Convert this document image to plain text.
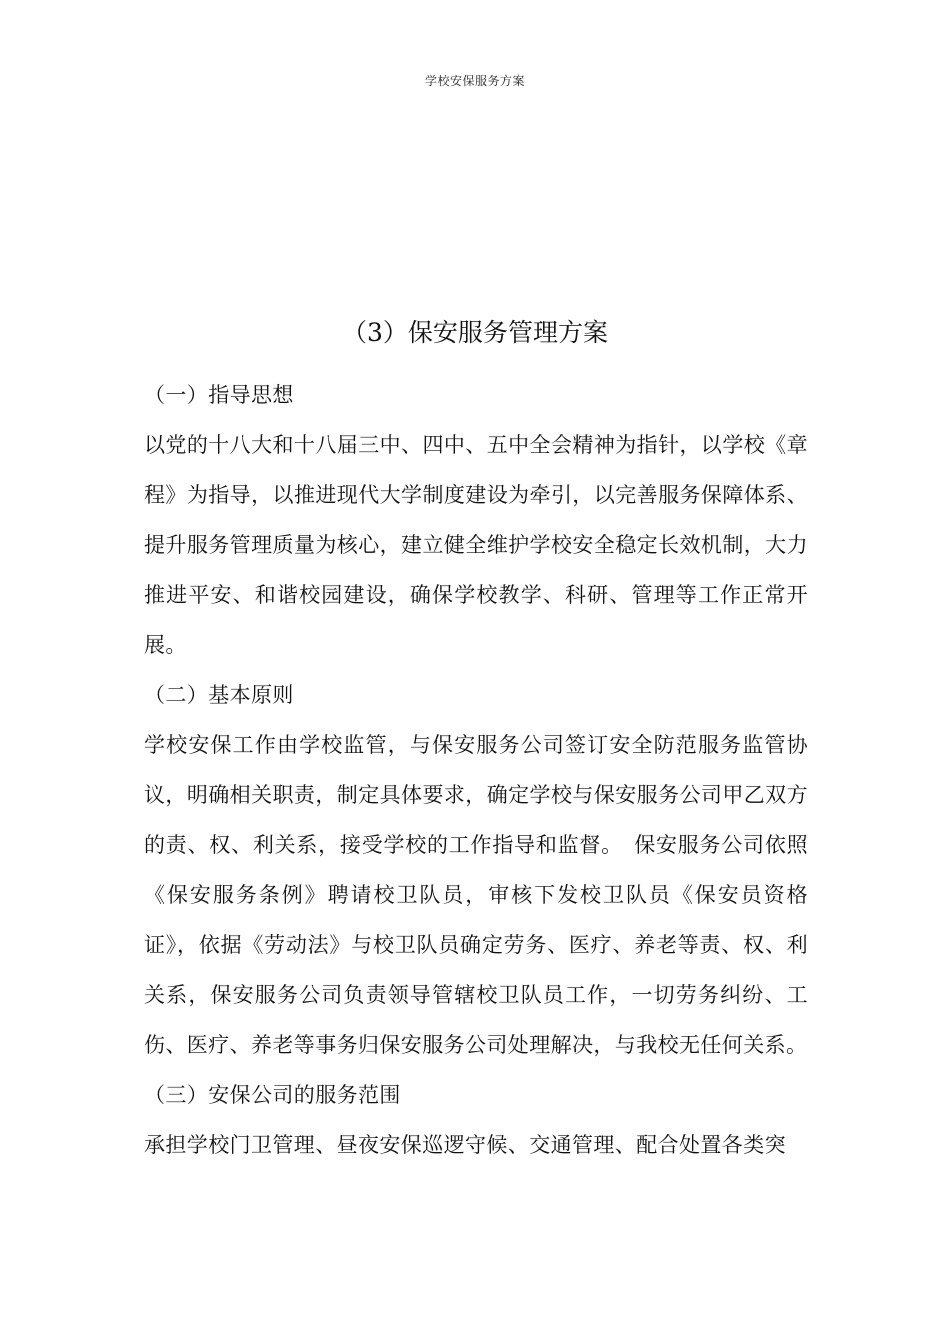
学校安保服务方案
（3）保安服务管理方案
（一）指导思想

以党的十八大和十八届三中、四中、五中全会精神为指针，以学校《章程》为指导，以推进现代大学制度建设为牵引，以完善服务保障体系、提升服务管理质量为核心，建立健全维护学校安全稳定长效机制，大力推进平安、和谐校园建设，确保学校教学、科研、管理等工作正常开展。

（二）基本原则

学校安保工作由学校监管，与保安服务公司签订安全防范服务监管协议，明确相关职责，制定具体要求，确定学校与保安服务公司甲乙双方的责、权、利关系，接受学校的工作指导和监督。　保安服务公司依照《保安服务条例》聘请校卫队员，审核下发校卫队员《保安员资格证》，依据《劳动法》与校卫队员确定劳务、医疗、养老等责、权、利关系，保安服务公司负责领导管辖校卫队员工作，一切劳务纠纷、工伤、医疗、养老等事务归保安服务公司处理解决，与我校无任何关系。

（三）安保公司的服务范围

承担学校门卫管理、昼夜安保巡逻守候、交通管理、配合处置各类突
